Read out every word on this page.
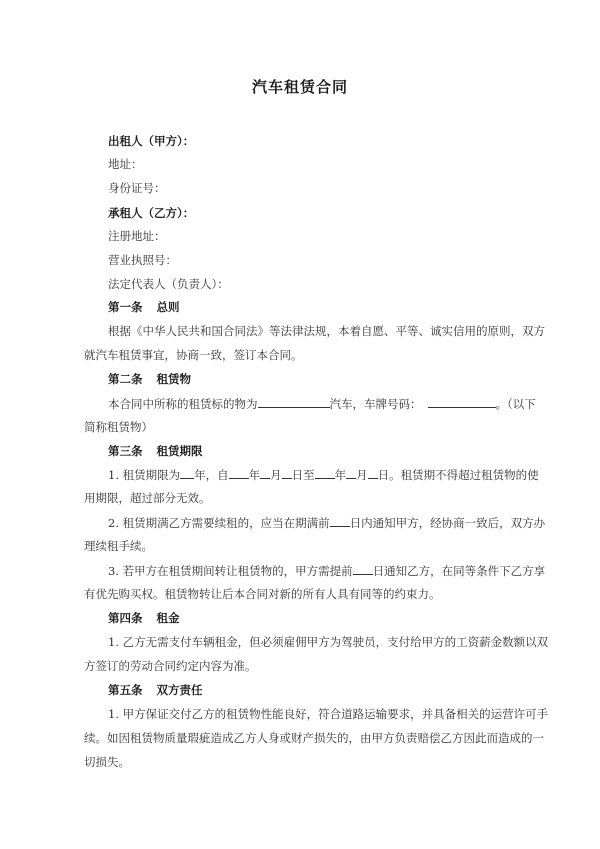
汽车租赁合同
出租人（甲方）：
地址：
身份证号：
承租人（乙方）：
注册地址：
营业执照号：
法定代表人（负责人）：
第一条 总则
根据《中华人民共和国合同法》等法律法规，本着自愿、平等、诚实信用的原则，双方
就汽车租赁事宜，协商一致，签订本合同。
第二条 租赁物
本合同中所称的租赁标的物为	汽车，车牌号码：	。（以下
简称租赁物）
第三条 租赁期限
1. 租赁期限为 年，自 年 月 日至 年 月 日。租赁期不得超过租赁物的使
用期限，超过部分无效。
2. 租赁期满乙方需要续租的，应当在期满前 日内通知甲方，经协商一致后，双方办
理续租手续。
3. 若甲方在租赁期间转让租赁物的，甲方需提前 日通知乙方，在同等条件下乙方享
有优先购买权。租赁物转让后本合同对新的所有人具有同等的约束力。
第四条 租金
1. 乙方无需支付车辆租金，但必须雇佣甲方为驾驶员，支付给甲方的工资薪金数额以双
方签订的劳动合同约定内容为准。
第五条 双方责任
1. 甲方保证交付乙方的租赁物性能良好，符合道路运输要求，并具备相关的运营许可手
续。如因租赁物质量瑕疵造成乙方人身或财产损失的，由甲方负责赔偿乙方因此而造成的一
切损失。
